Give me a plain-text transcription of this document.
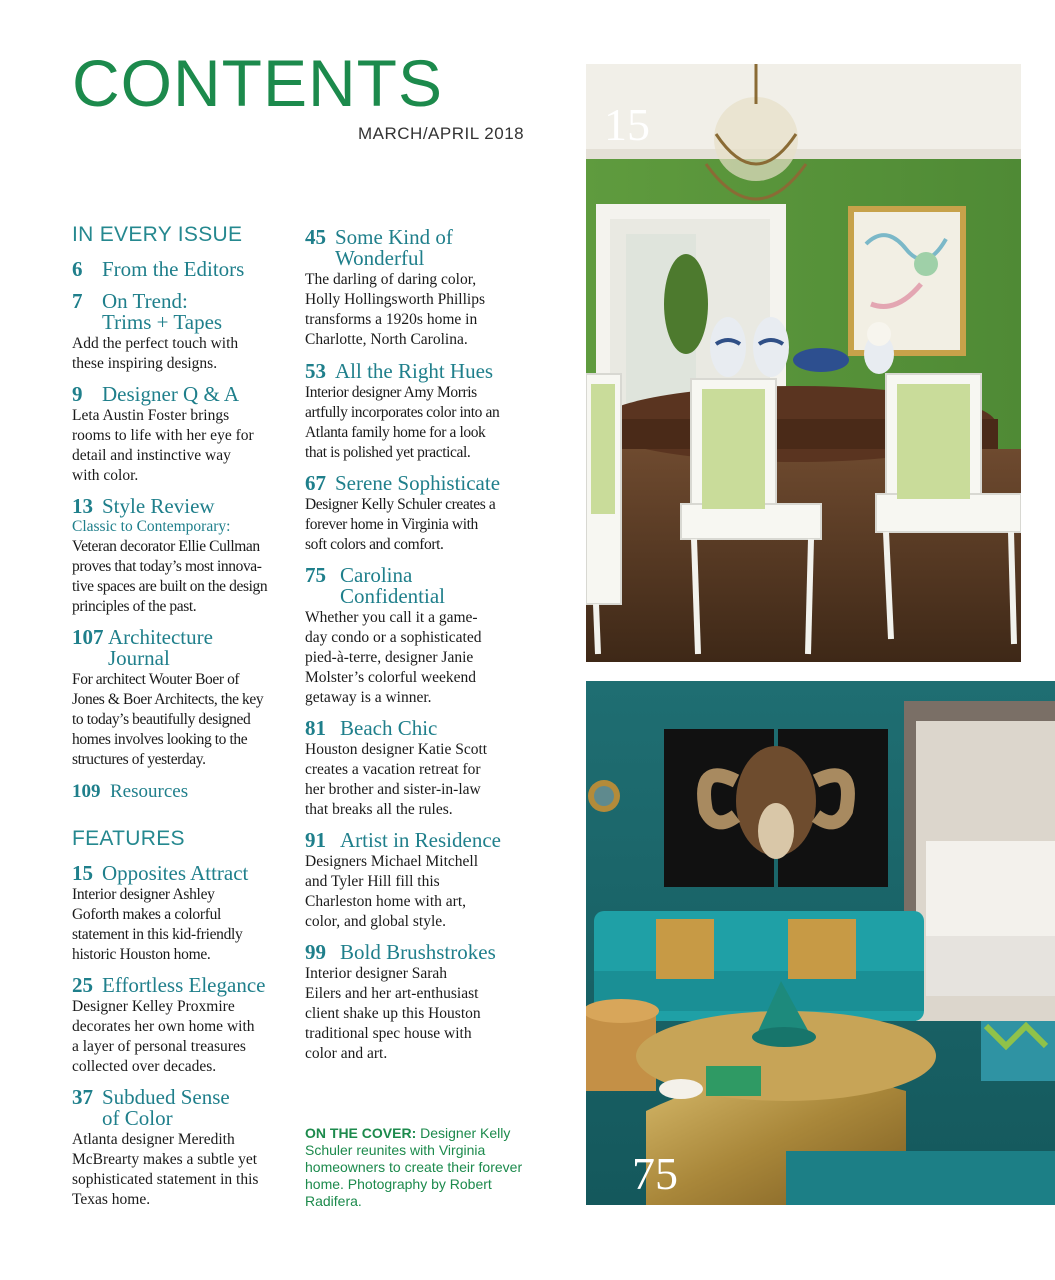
CONTENTS
MARCH/APRIL 2018
IN EVERY ISSUE
6 From the Editors
7 On Trend:
Trims + Tapes
Add the perfect touch with
these inspiring designs.
9 Designer Q & A
Leta Austin Foster brings
rooms to life with her eye for
detail and instinctive way
with color.
13 Style Review
Classic to Contemporary:
Veteran decorator Ellie Cullman
proves that today’s most innova-
tive spaces are built on the design
principles of the past.
107 Architecture
Journal
For architect Wouter Boer of
Jones & Boer Architects, the key
to today’s beautifully designed
homes involves looking to the
structures of yesterday.
109 Resources
FEATURES
15 Opposites Attract
Interior designer Ashley
Goforth makes a colorful
statement in this kid-friendly
historic Houston home.
25 Effortless Elegance
Designer Kelley Proxmire
decorates her own home with
a layer of personal treasures
collected over decades.
37 Subdued Sense
of Color
Atlanta designer Meredith
McBrearty makes a subtle yet
sophisticated statement in this
Texas home.
45 Some Kind of
Wonderful
The darling of daring color,
Holly Hollingsworth Phillips
transforms a 1920s home in
Charlotte, North Carolina.
53 All the Right Hues
Interior designer Amy Morris
artfully incorporates color into an
Atlanta family home for a look
that is polished yet practical.
67 Serene Sophisticate
Designer Kelly Schuler creates a
forever home in Virginia with
soft colors and comfort.
75 Carolina
Confidential
Whether you call it a game-
day condo or a sophisticated
pied-à-terre, designer Janie
Molster’s colorful weekend
getaway is a winner.
81 Beach Chic
Houston designer Katie Scott
creates a vacation retreat for
her brother and sister-in-law
that breaks all the rules.
91 Artist in Residence
Designers Michael Mitchell
and Tyler Hill fill this
Charleston home with art,
color, and global style.
99 Bold Brushstrokes
Interior designer Sarah
Eilers and her art-enthusiast
client shake up this Houston
traditional spec house with
color and art.
ON THE COVER: Designer Kelly Schuler reunites with Virginia homeowners to create their forever home. Photography by Robert Radifera.
15
75
